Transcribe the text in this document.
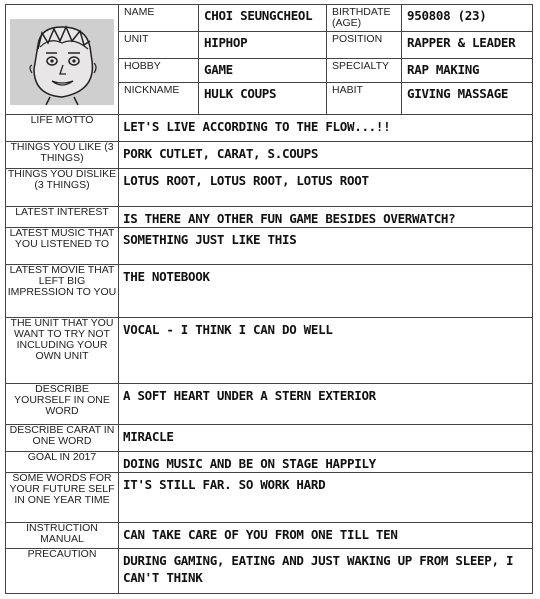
	NAME	CHOI SEUNGCHEOL	BIRTHDATE (AGE)	950808 (23)
	UNIT	HIPHOP	POSITION	RAPPER & LEADER
	HOBBY	GAME	SPECIALTY	RAP MAKING
	NICKNAME	HULK COUPS	HABIT	GIVING MASSAGE
LIFE MOTTO	LET'S LIVE ACCORDING TO THE FLOW...!!			
THINGS YOU LIKE (3 THINGS)	PORK CUTLET, CARAT, S.COUPS			
THINGS YOU DISLIKE (3 THINGS)	LOTUS ROOT, LOTUS ROOT, LOTUS ROOT			
LATEST INTEREST	IS THERE ANY OTHER FUN GAME BESIDES OVERWATCH?			
LATEST MUSIC THAT YOU LISTENED TO	SOMETHING JUST LIKE THIS			
LATEST MOVIE THAT LEFT BIG IMPRESSION TO YOU	THE NOTEBOOK			
THE UNIT THAT YOU WANT TO TRY NOT INCLUDING YOUR OWN UNIT	VOCAL - I THINK I CAN DO WELL			
DESCRIBE YOURSELF IN ONE WORD	A SOFT HEART UNDER A STERN EXTERIOR			
DESCRIBE CARAT IN ONE WORD	MIRACLE			
GOAL IN 2017	DOING MUSIC AND BE ON STAGE HAPPILY			
SOME WORDS FOR YOUR FUTURE SELF IN ONE YEAR TIME	IT'S STILL FAR. SO WORK HARD			
INSTRUCTION MANUAL	CAN TAKE CARE OF YOU FROM ONE TILL TEN			
PRECAUTION	DURING GAMING, EATING AND JUST WAKING UP FROM SLEEP, I CAN'T THINK			
